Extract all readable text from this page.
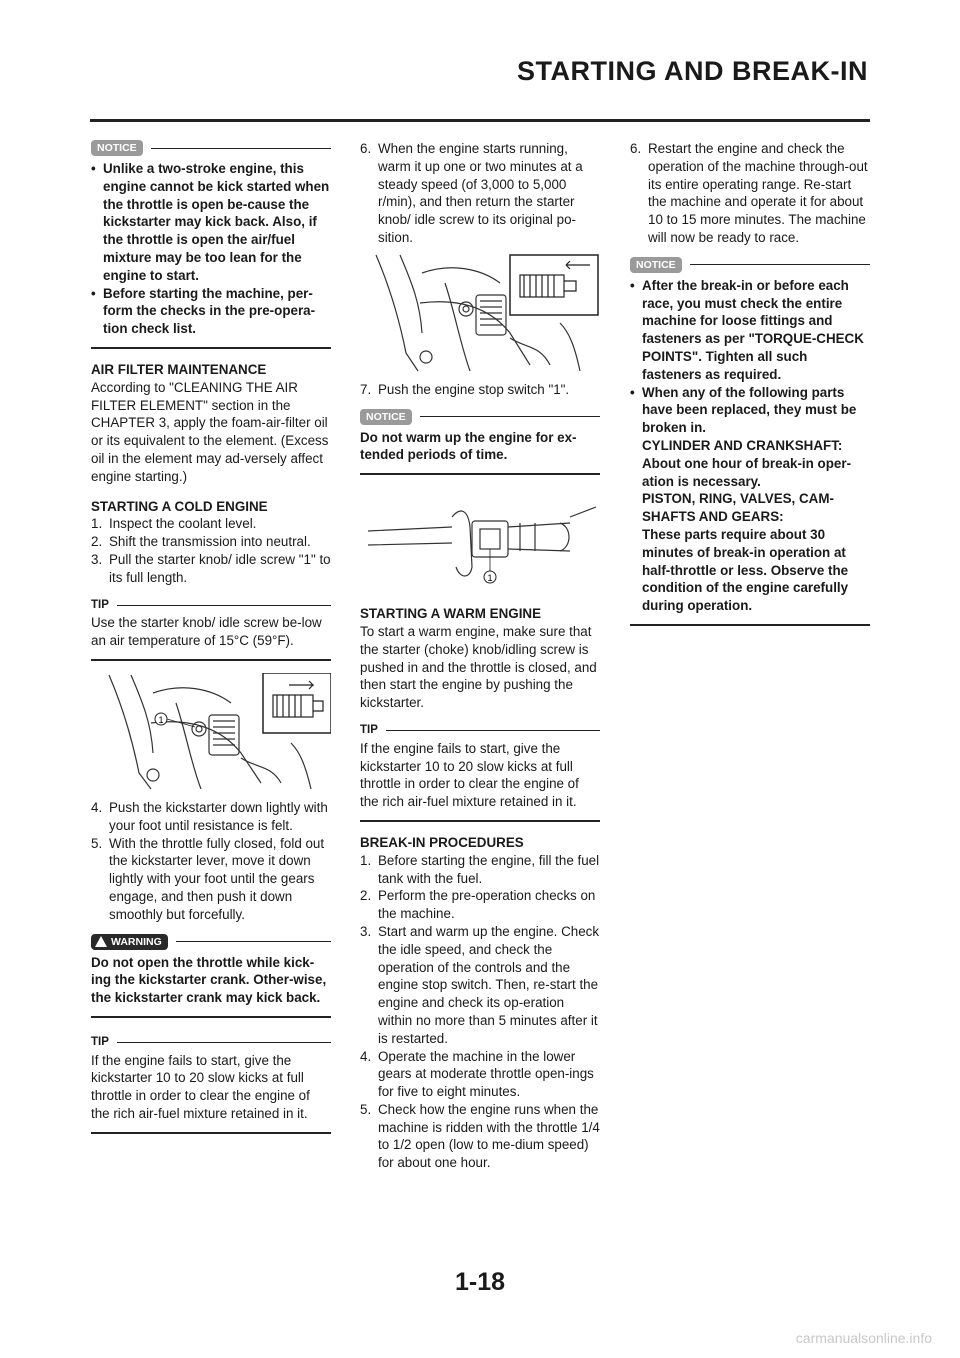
STARTING AND BREAK-IN
NOTICE
• Unlike a two-stroke engine, this engine cannot be kick started when the throttle is open be-cause the kickstarter may kick back. Also, if the throttle is open the air/fuel mixture may be too lean for the engine to start.
• Before starting the machine, per-form the checks in the pre-opera-tion check list.
AIR FILTER MAINTENANCE

According to "CLEANING THE AIR FILTER ELEMENT" section in the CHAPTER 3, apply the foam-air-filter oil or its equivalent to the element. (Excess oil in the element may ad-versely affect engine starting.)

STARTING A COLD ENGINE
1. Inspect the coolant level.
2. Shift the transmission into neutral.
3. Pull the starter knob/ idle screw "1" to its full length.
TIP

Use the starter knob/ idle screw be-low an air temperature of 15°C (59°F).

1
4. Push the kickstarter down lightly with your foot until resistance is felt.
5. With the throttle fully closed, fold out the kickstarter lever, move it down lightly with your foot until the gears engage, and then push it down smoothly but forcefully.
WARNING

Do not open the throttle while kick-ing the kickstarter crank. Other-wise, the kickstarter crank may kick back.

TIP

If the engine fails to start, give the kickstarter 10 to 20 slow kicks at full throttle in order to clear the engine of the rich air-fuel mixture retained in it.

6. When the engine starts running, warm it up one or two minutes at a steady speed (of 3,000 to 5,000 r/min), and then return the starter knob/ idle screw to its original po-sition.
7. Push the engine stop switch "1".
NOTICE

Do not warm up the engine for ex-tended periods of time.

1
STARTING A WARM ENGINE

To start a warm engine, make sure that the starter (choke) knob/idling screw is pushed in and the throttle is closed, and then start the engine by pushing the kickstarter.

TIP

If the engine fails to start, give the kickstarter 10 to 20 slow kicks at full throttle in order to clear the engine of the rich air-fuel mixture retained in it.

BREAK-IN PROCEDURES
1. Before starting the engine, fill the fuel tank with the fuel.
2. Perform the pre-operation checks on the machine.
3. Start and warm up the engine. Check the idle speed, and check the operation of the controls and the engine stop switch. Then, re-start the engine and check its op-eration within no more than 5 minutes after it is restarted.
4. Operate the machine in the lower gears at moderate throttle open-ings for five to eight minutes.
5. Check how the engine runs when the machine is ridden with the throttle 1/4 to 1/2 open (low to me-dium speed) for about one hour.
6. Restart the engine and check the operation of the machine through-out its entire operating range. Re-start the machine and operate it for about 10 to 15 more minutes. The machine will now be ready to race.
NOTICE
• After the break-in or before each race, you must check the entire machine for loose fittings and fasteners as per "TORQUE-CHECK POINTS". Tighten all such fasteners as required.
• When any of the following parts have been replaced, they must be broken in.
CYLINDER AND CRANKSHAFT:
About one hour of break-in oper-ation is necessary.
PISTON, RING, VALVES, CAM-SHAFTS AND GEARS:
These parts require about 30 minutes of break-in operation at half-throttle or less. Observe the condition of the engine carefully during operation.
1-18
carmanualsonline.info
